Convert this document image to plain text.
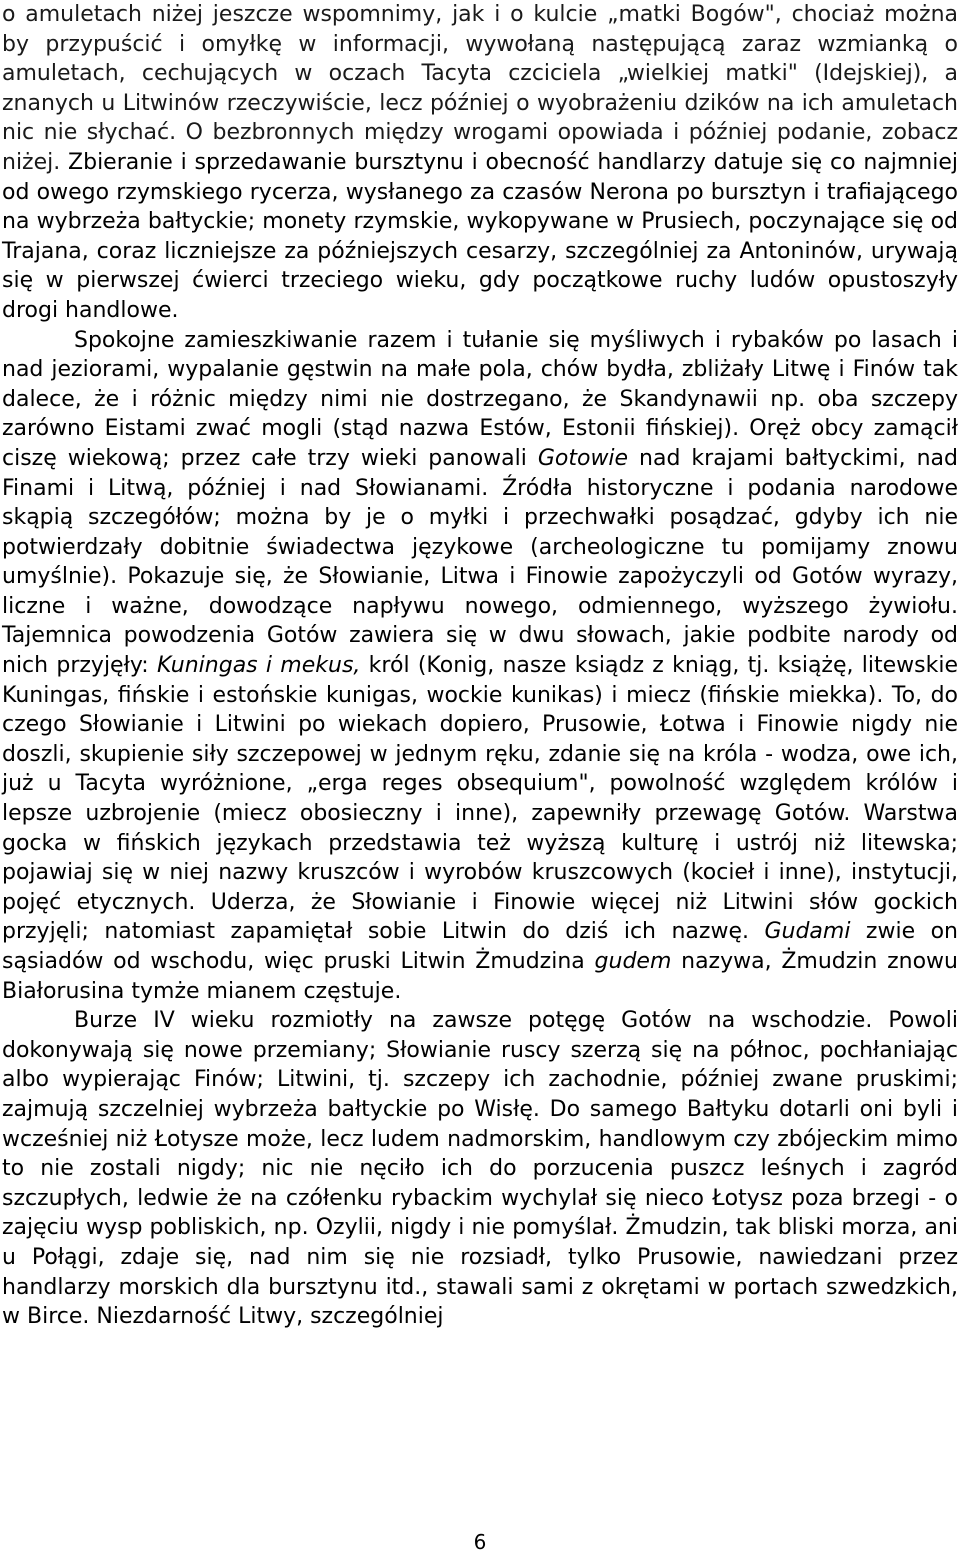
o amuletach niżej jeszcze wspomnimy, jak i o kulcie „matki Bogów", chociaż można by przypuścić i omyłkę w informacji, wywołaną następującą zaraz wzmianką o amuletach, cechujących w oczach Tacyta czciciela „wielkiej matki" (Idejskiej), a znanych u Litwinów rzeczywiście, lecz później o wyobrażeniu dzików na ich amuletach nic nie słychać. O bezbronnych między wrogami opowiada i później podanie, zobacz niżej. Zbieranie i sprzedawanie bursztynu i obecność handlarzy datuje się co najmniej od owego rzymskiego rycerza, wysłanego za czasów Nerona po bursztyn i trafiającego na wybrzeża bałtyckie; monety rzymskie, wykopywane w Prusiech, poczynające się od Trajana, coraz liczniejsze za późniejszych cesarzy, szczególniej za Antoninów, urywają się w pierwszej ćwierci trzeciego wieku, gdy początkowe ruchy ludów opustoszyły drogi handlowe.

Spokojne zamieszkiwanie razem i tułanie się myśliwych i rybaków po lasach i nad jeziorami, wypalanie gęstwin na małe pola, chów bydła, zbliżały Litwę i Finów tak dalece, że i różnic między nimi nie dostrzegano, że Skandynawii np. oba szczepy zarówno Eistami zwać mogli (stąd nazwa Estów, Estonii fińskiej). Oręż obcy zamącił ciszę wiekową; przez całe trzy wieki panowali Gotowie nad krajami bałtyckimi, nad Finami i Litwą, później i nad Słowianami. Źródła historyczne i podania narodowe skąpią szczegółów; można by je o myłki i przechwałki posądzać, gdyby ich nie potwierdzały dobitnie świadectwa językowe (archeologiczne tu pomijamy znowu umyślnie). Pokazuje się, że Słowianie, Litwa i Finowie zapożyczyli od Gotów wyrazy, liczne i ważne, dowodzące napływu nowego, odmiennego, wyższego żywiołu. Tajemnica powodzenia Gotów zawiera się w dwu słowach, jakie podbite narody od nich przyjęły: Kuningas i mekus, król (Konig, nasze ksiądz z kniąg, tj. książę, litewskie Kuningas, fińskie i estońskie kunigas, wockie kunikas) i miecz (fińskie miekka). To, do czego Słowianie i Litwini po wiekach dopiero, Prusowie, Łotwa i Finowie nigdy nie doszli, skupienie siły szczepowej w jednym ręku, zdanie się na króla - wodza, owe ich, już u Tacyta wyróżnione, „erga reges obsequium", powolność względem królów i lepsze uzbrojenie (miecz obosieczny i inne), zapewniły przewagę Gotów. Warstwa gocka w fińskich językach przedstawia też wyższą kulturę i ustrój niż litewska; pojawiaj się w niej nazwy kruszców i wyrobów kruszcowych (kocieł i inne), instytucji, pojęć etycznych. Uderza, że Słowianie i Finowie więcej niż Litwini słów gockich przyjęli; natomiast zapamiętał sobie Litwin do dziś ich nazwę. Gudami zwie on sąsiadów od wschodu, więc pruski Litwin Żmudzina gudem nazywa, Żmudzin znowu Białorusina tymże mianem częstuje.

Burze IV wieku rozmiotły na zawsze potęgę Gotów na wschodzie. Powoli dokonywają się nowe przemiany; Słowianie ruscy szerzą się na północ, pochłaniając albo wypierając Finów; Litwini, tj. szczepy ich zachodnie, później zwane pruskimi; zajmują szczelniej wybrzeża bałtyckie po Wisłę. Do samego Bałtyku dotarli oni byli i wcześniej niż Łotysze może, lecz ludem nadmorskim, handlowym czy zbójeckim mimo to nie zostali nigdy; nic nie nęciło ich do porzucenia puszcz leśnych i zagród szczupłych, ledwie że na czółenku rybackim wychylał się nieco Łotysz poza brzegi - o zajęciu wysp pobliskich, np. Ozylii, nigdy i nie pomyślał. Żmudzin, tak bliski morza, ani u Połągi, zdaje się, nad nim się nie rozsiadł, tylko Prusowie, nawiedzani przez handlarzy morskich dla bursztynu itd., stawali sami z okrętami w portach szwedzkich, w Bircе. Niezdarność Litwy, szczególniej

6
